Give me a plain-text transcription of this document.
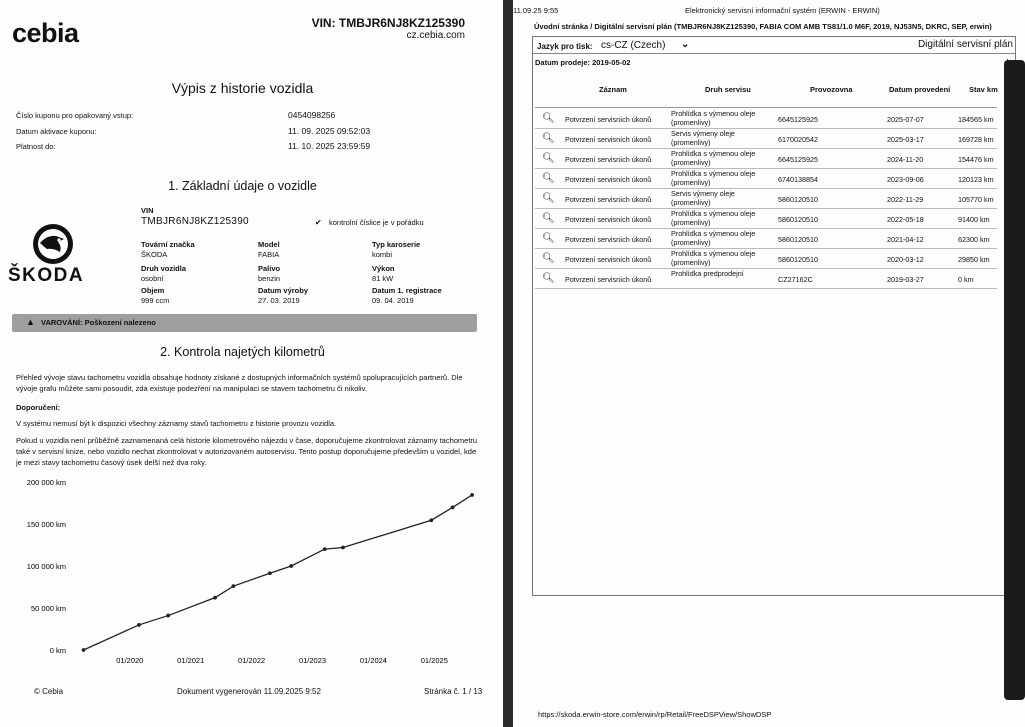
cebia	VIN: TMBJR6NJ8KZ125390
cz.cebia.com
Výpis z historie vozidla
Číslo kuponu pro opakovaný vstup:	0454098256
Datum aktivace kuponu:	11. 09. 2025 09:52:03
Platnost do:	11. 10. 2025 23:59:59
1. Základní údaje o vozidle
VIN
TMBJR6NJ8KZ125390	✔ kontrolní číslice je v pořádku
ŠKODA
Tovární značka
ŠKODA
Model
FABIA
Typ karoserie
kombi
Druh vozidla
osobní
Palivo
benzin
Výkon
81 kW
Objem
999 ccm
Datum výroby
27. 03. 2019
Datum 1. registrace
09. 04. 2019
▲ VAROVÁNÍ: Poškození nalezeno
2. Kontrola najetých kilometrů
Přehled vývoje stavu tachometru vozidla obsahuje hodnoty získané z dostupných informačních systémů spolupracujících partnerů. Dle vývoje grafu můžete sami posoudit, zda existuje podezření na manipulaci se stavem tachometru či nikoliv.
Doporučení:
V systému nemusí být k dispozici všechny záznamy stavů tachometru z historie provozu vozidla.
Pokud u vozidla není průběžně zaznamenaná celá historie kilometrového nájezdu v čase, doporučujeme zkontrolovat záznamy tachometru také v servisní knize, nebo vozidlo nechat zkontrolovat v autorizovaném autoservisu. Tento postup doporučujeme především u vozidel, kde je mezi stavy tachometru časový úsek delší než dva roky.
0 km
50 000 km
100 000 km
150 000 km
200 000 km
01/2020	01/2021	01/2022	01/2023	01/2024	01/2025
© Cebia	Dokument vygenerován 11.09.2025 9:52	Stránka č. 1 / 13
11.09.25 9:55	Elektronický servisní informační systém (ERWIN - ERWIN)
Úvodní stránka / Digitální servisní plán (TMBJR6NJ8KZ125390, FABIA COM AMB TS81/1.0 M6F, 2019, NJ53N5, DKRC, SEP, erwin)
Jazyk pro tisk: cs-CZ (Czech) ⌄	Digitální servisní plán
Datum prodeje: 2019-05-02
Záznam	Druh servisu	Provozovna	Datum provedení Stav km
🔍︎ Potvrzení servisních úkonů
Prohlídka s výmenou oleje (promenlivy)	6645125925	2025-07-07	184565 km
🔍︎ Potvrzení servisních úkonů
Servis výmeny oleje (promenlivy)	6170020542	2025-03-17	169728 km
🔍︎ Potvrzení servisních úkonů
Prohlídka s výmenou oleje (promenlivy)	6645125925	2024-11-20	154476 km
🔍︎ Potvrzení servisních úkonů
Prohlídka s výmenou oleje (promenlivy)	6740138854	2023-09-06	120123 km
🔍︎ Potvrzení servisních úkonů
Servis výmeny oleje (promenlivy)	5860120510	2022-11-29	105770 km
🔍︎ Potvrzení servisních úkonů
Prohlídka s výmenou oleje (promenlivy)	5860120510	2022-05-18	91400 km
🔍︎ Potvrzení servisních úkonů
Prohlídka s výmenou oleje (promenlivy)	5860120510	2021-04-12	62300 km
🔍︎ Potvrzení servisních úkonů
Prohlídka s výmenou oleje (promenlivy)	5860120510	2020-03-12	29850 km
🔍︎ Potvrzení servisních úkonů
Prohlídka predprodejní
CZ27162C	2019-03-27	0 km
https://skoda.erwin-store.com/erwin/rp/Retail/FreeDSPView/ShowDSP
